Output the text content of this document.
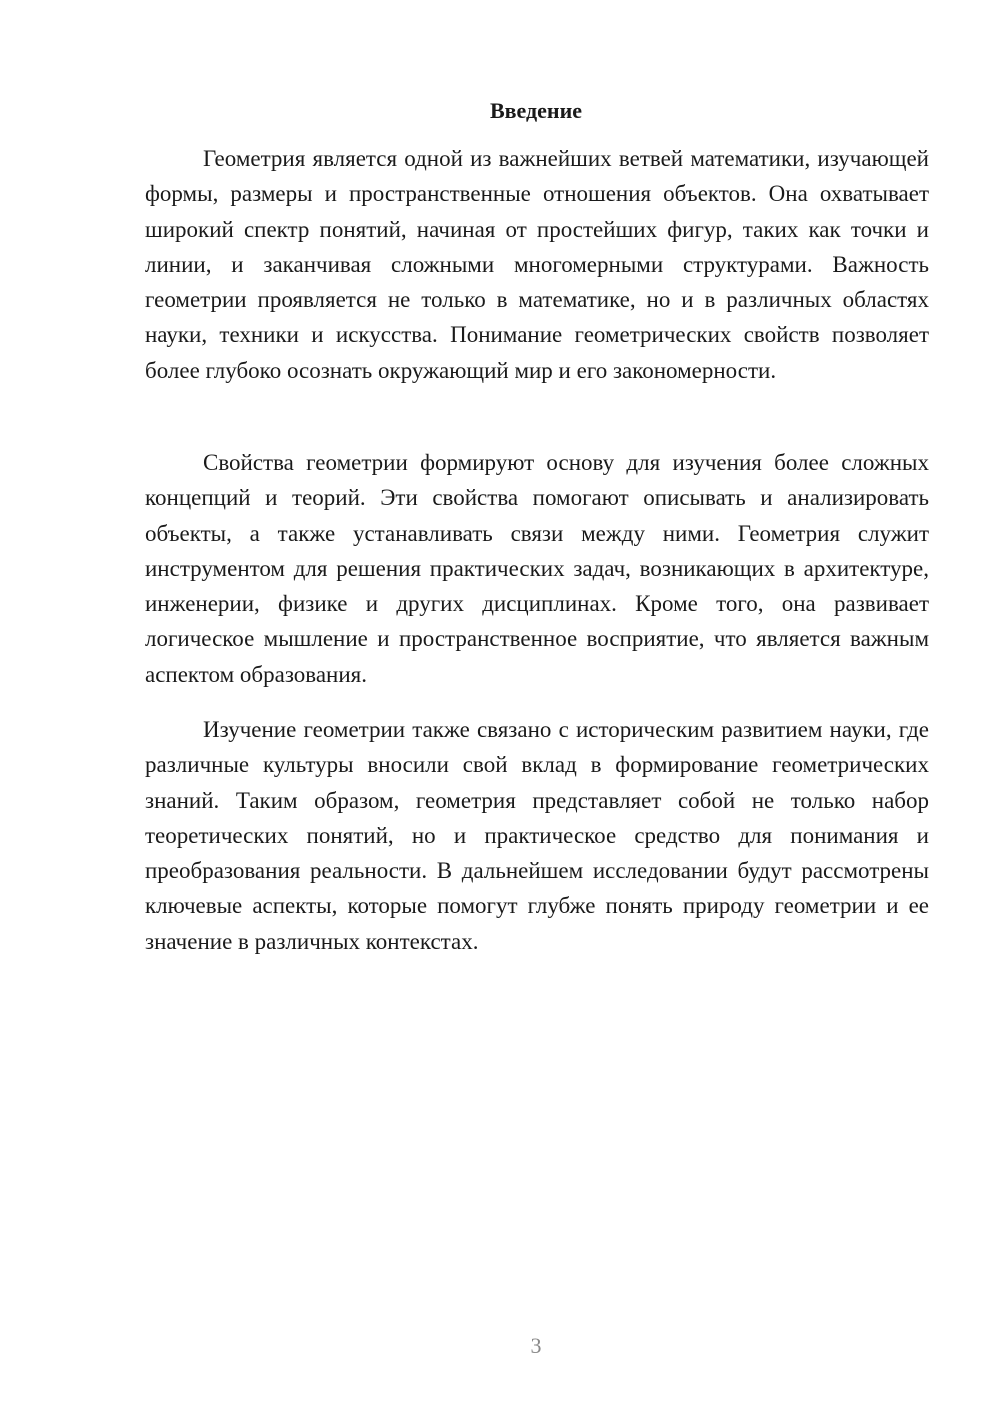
Введение

Геометрия является одной из важнейших ветвей математики, изучающей формы, размеры и пространственные отношения объектов. Она охватывает широкий спектр понятий, начиная от простейших фигур, таких как точки и линии, и заканчивая сложными многомерными структурами. Важность геометрии проявляется не только в математике, но и в различных областях науки, техники и искусства. Понимание геометрических свойств позволяет более глубоко осознать окружающий мир и его закономерности.

Свойства геометрии формируют основу для изучения более сложных концепций и теорий. Эти свойства помогают описывать и анализировать объекты, а также устанавливать связи между ними. Геометрия служит инструментом для решения практических задач, возникающих в архитектуре, инженерии, физике и других дисциплинах. Кроме того, она развивает логическое мышление и пространственное восприятие, что является важным аспектом образования.

Изучение геометрии также связано с историческим развитием науки, где различные культуры вносили свой вклад в формирование геометрических знаний. Таким образом, геометрия представляет собой не только набор теоретических понятий, но и практическое средство для понимания и преобразования реальности. В дальнейшем исследовании будут рассмотрены ключевые аспекты, которые помогут глубже понять природу геометрии и ее значение в различных контекстах.

3
